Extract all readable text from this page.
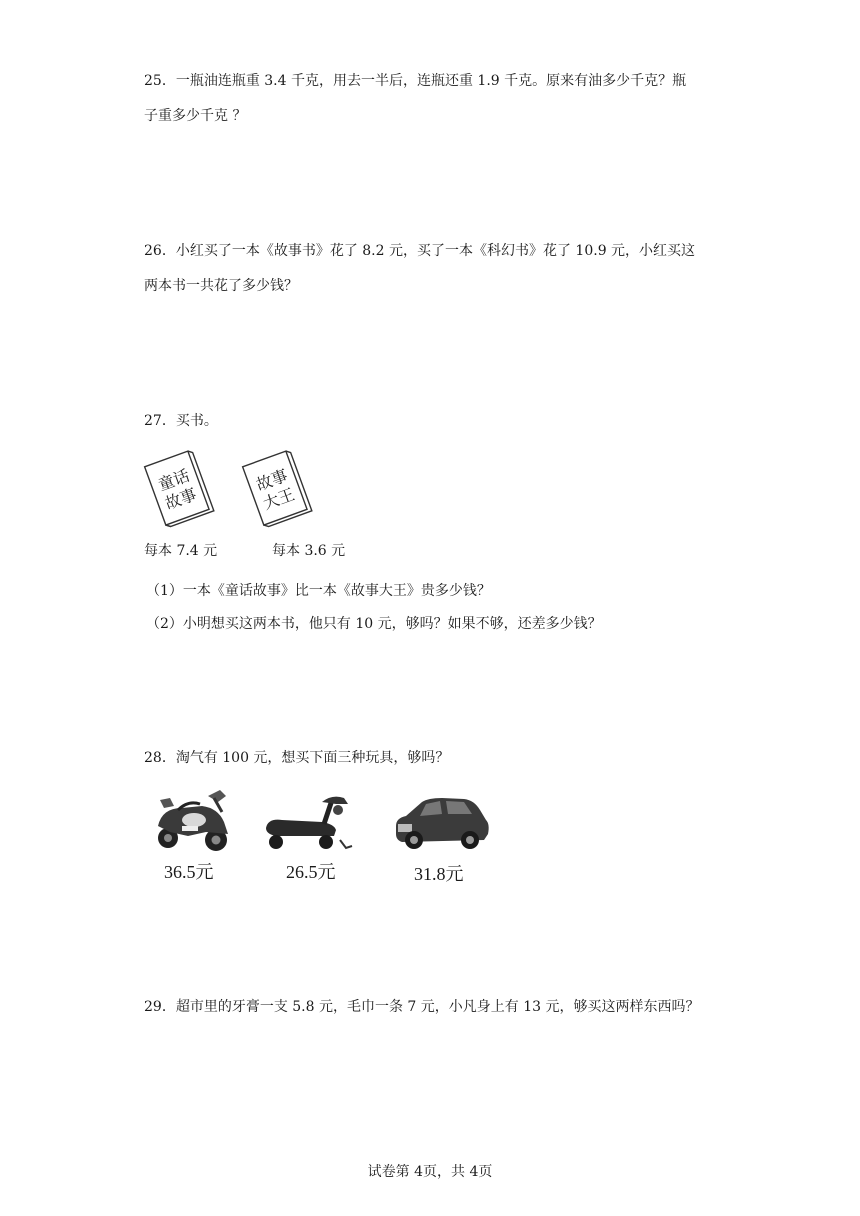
25．一瓶油连瓶重 3.4 千克，用去一半后，连瓶还重 1.9 千克。原来有油多少千克？瓶

子重多少千克 ？

26．小红买了一本《故事书》花了 8.2 元，买了一本《科幻书》花了 10.9 元，小红买这

两本书一共花了多少钱？

27．买书。

童话
故事
故事
大王
每本 7.4 元	每本 3.6 元
（1）一本《童话故事》比一本《故事大王》贵多少钱？
（2）小明想买这两本书，他只有 10 元，够吗？如果不够，还差多少钱？

28．淘气有 100 元，想买下面三种玩具，够吗？

36.5元	26.5元	31.8元

29．超市里的牙膏一支 5.8 元，毛巾一条 7 元，小凡身上有 13 元，够买这两样东西吗？

试卷第 4页，共 4页
